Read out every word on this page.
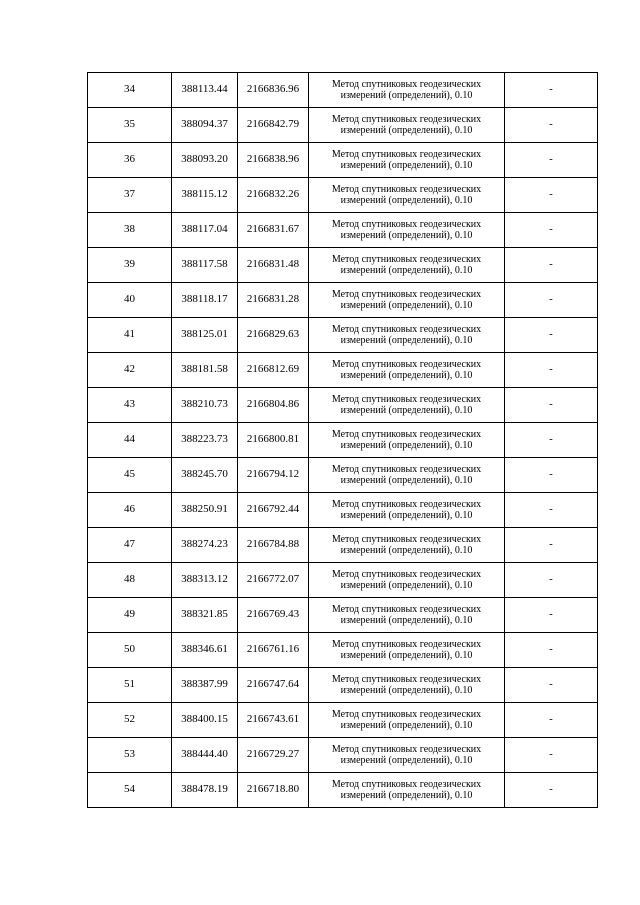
34	388113.44	2166836.96	Метод спутниковых геодезических
измерений (определений), 0.10	-
35	388094.37	2166842.79	Метод спутниковых геодезических
измерений (определений), 0.10	-
36	388093.20	2166838.96	Метод спутниковых геодезических
измерений (определений), 0.10	-
37	388115.12	2166832.26	Метод спутниковых геодезических
измерений (определений), 0.10	-
38	388117.04	2166831.67	Метод спутниковых геодезических
измерений (определений), 0.10	-
39	388117.58	2166831.48	Метод спутниковых геодезических
измерений (определений), 0.10	-
40	388118.17	2166831.28	Метод спутниковых геодезических
измерений (определений), 0.10	-
41	388125.01	2166829.63	Метод спутниковых геодезических
измерений (определений), 0.10	-
42	388181.58	2166812.69	Метод спутниковых геодезических
измерений (определений), 0.10	-
43	388210.73	2166804.86	Метод спутниковых геодезических
измерений (определений), 0.10	-
44	388223.73	2166800.81	Метод спутниковых геодезических
измерений (определений), 0.10	-
45	388245.70	2166794.12	Метод спутниковых геодезических
измерений (определений), 0.10	-
46	388250.91	2166792.44	Метод спутниковых геодезических
измерений (определений), 0.10	-
47	388274.23	2166784.88	Метод спутниковых геодезических
измерений (определений), 0.10	-
48	388313.12	2166772.07	Метод спутниковых геодезических
измерений (определений), 0.10	-
49	388321.85	2166769.43	Метод спутниковых геодезических
измерений (определений), 0.10	-
50	388346.61	2166761.16	Метод спутниковых геодезических
измерений (определений), 0.10	-
51	388387.99	2166747.64	Метод спутниковых геодезических
измерений (определений), 0.10	-
52	388400.15	2166743.61	Метод спутниковых геодезических
измерений (определений), 0.10	-
53	388444.40	2166729.27	Метод спутниковых геодезических
измерений (определений), 0.10	-
54	388478.19	2166718.80	Метод спутниковых геодезических
измерений (определений), 0.10	-
